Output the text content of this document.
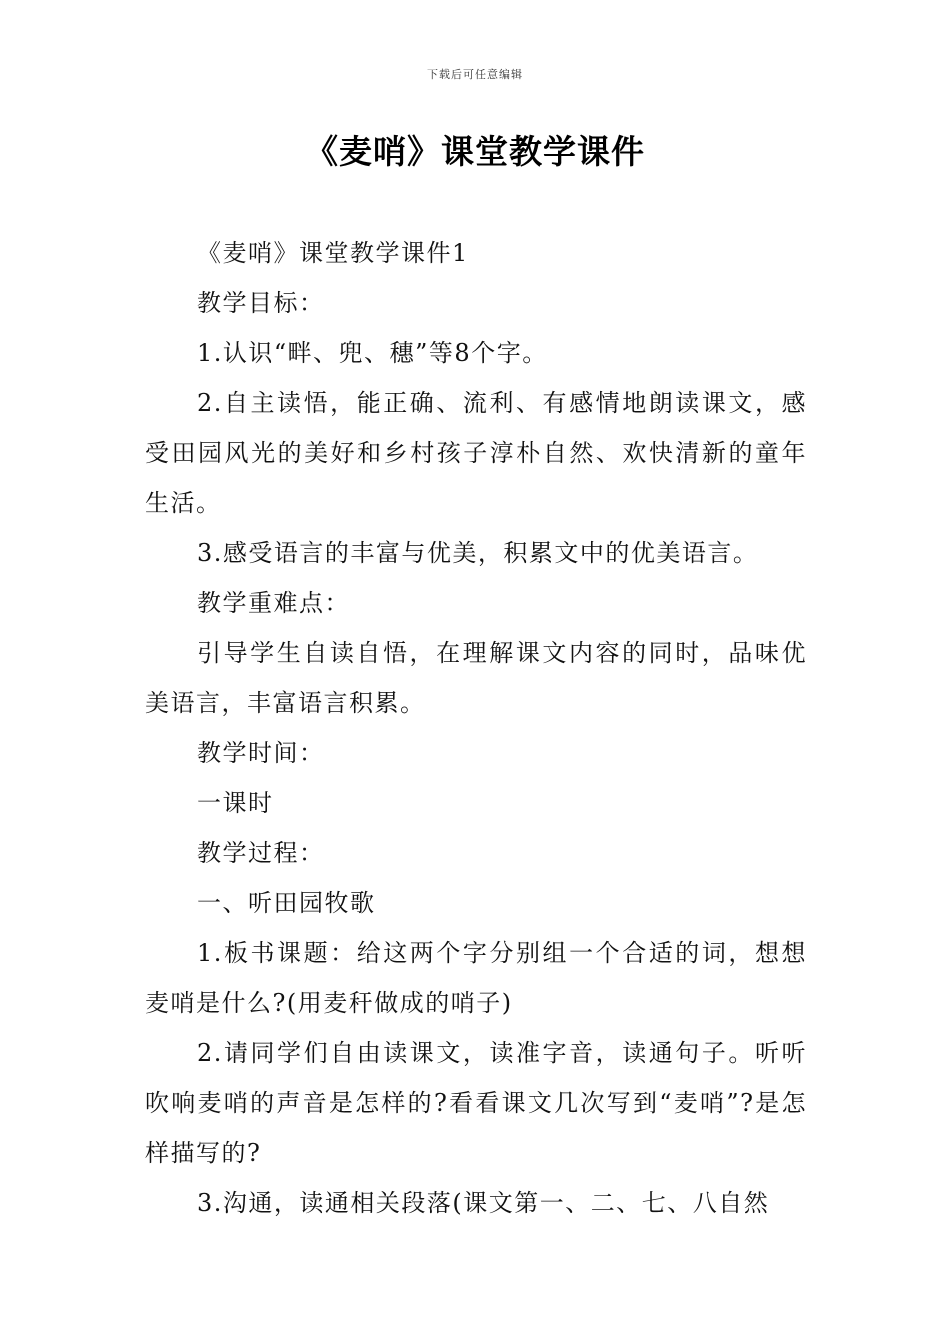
下载后可任意编辑
《麦哨》课堂教学课件

《麦哨》课堂教学课件1

教学目标：

1.认识“畔、兜、穗”等8个字。

2.自主读悟，能正确、流利、有感情地朗读课文，感受田园风光的美好和乡村孩子淳朴自然、欢快清新的童年生活。

3.感受语言的丰富与优美，积累文中的优美语言。

教学重难点：

引导学生自读自悟，在理解课文内容的同时，品味优美语言，丰富语言积累。

教学时间：

一课时

教学过程：

一、听田园牧歌

1.板书课题：给这两个字分别组一个合适的词，想想麦哨是什么?(用麦秆做成的哨子)

2.请同学们自由读课文，读准字音，读通句子。听听吹响麦哨的声音是怎样的?看看课文几次写到“麦哨”?是怎样描写的?

3.沟通，读通相关段落(课文第一、二、七、八自然
